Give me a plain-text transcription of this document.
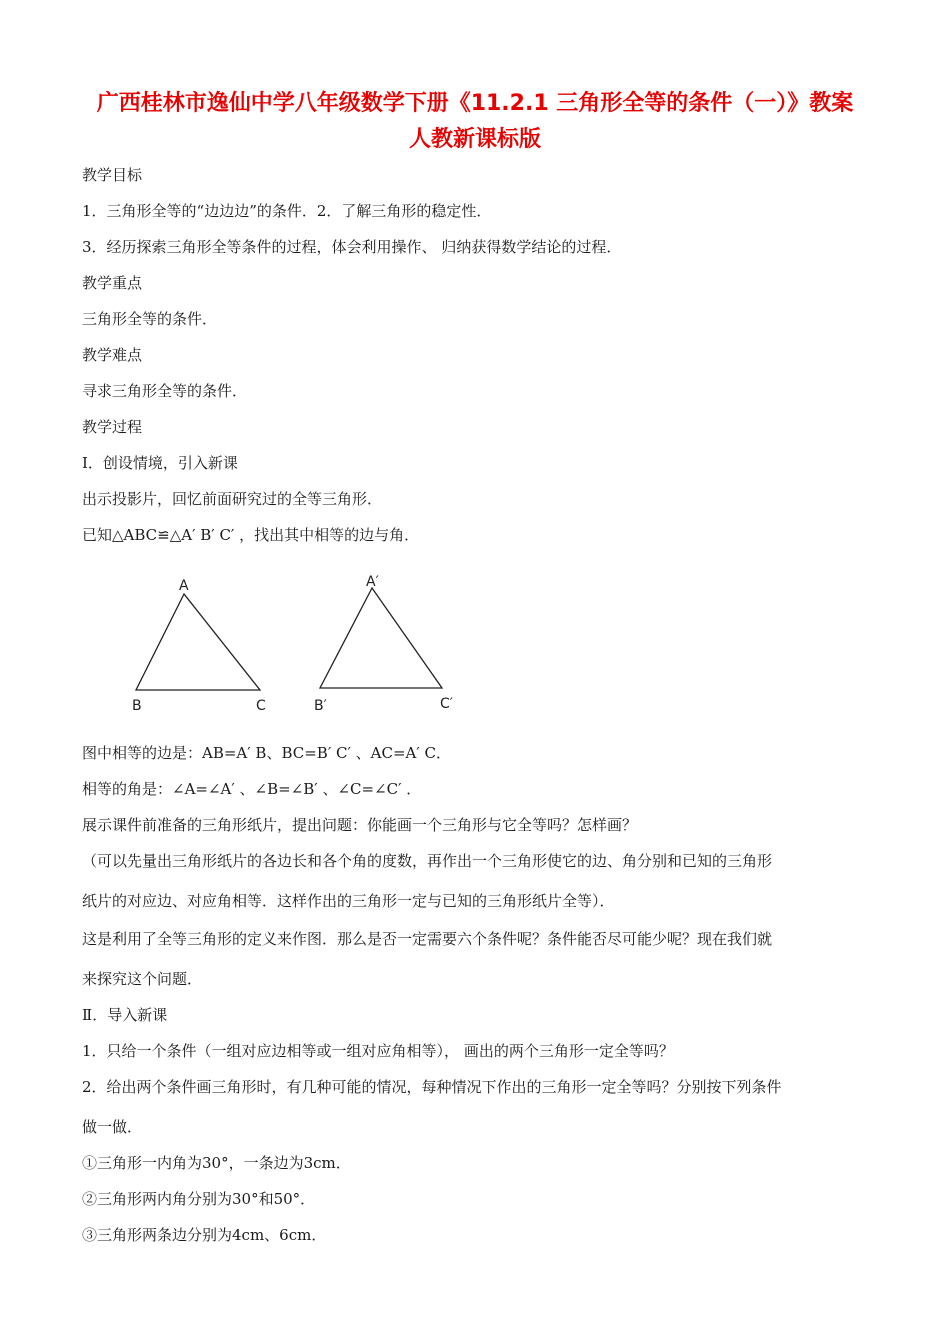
广西桂林市逸仙中学八年级数学下册《11.2.1 三角形全等的条件（一）》教案
人教新课标版
教学目标
1．三角形全等的“边边边”的条件．2．了解三角形的稳定性．
3．经历探索三角形全等条件的过程，体会利用操作、 归纳获得数学结论的过程．
教学重点
三角形全等的条件．
教学难点
寻求三角形全等的条件．
教学过程
Ⅰ．创设情境，引入新课
出示投影片，回忆前面研究过的全等三角形．
已知△ABC≌△A′ B′ C′ ，找出其中相等的边与角．
A
B	C
A′
B′	C′
图中相等的边是：AB=A′ B、BC=B′ C′ 、AC=A′ C．
相等的角是：∠A=∠A′ 、∠B=∠B′ 、∠C=∠C′ ．
展示课件前准备的三角形纸片，提出问题：你能画一个三角形与它全等吗？怎样画？
（可以先量出三角形纸片的各边长和各个角的度数，再作出一个三角形使它的边、角分别和已知的三角形
纸片的对应边、对应角相等．这样作出的三角形一定与已知的三角形纸片全等）．
这是利用了全等三角形的定义来作图．那么是否一定需要六个条件呢？条件能否尽可能少呢？现在我们就
来探究这个问题．
Ⅱ．导入新课
1．只给一个条件（一组对应边相等或一组对应角相等）， 画出的两个三角形一定全等吗？
2．给出两个条件画三角形时，有几种可能的情况，每种情况下作出的三角形一定全等吗？分别按下列条件
做一做．
①三角形一内角为30°，一条边为3cm．
②三角形两内角分别为30°和50°．
③三角形两条边分别为4cm、6cm．
